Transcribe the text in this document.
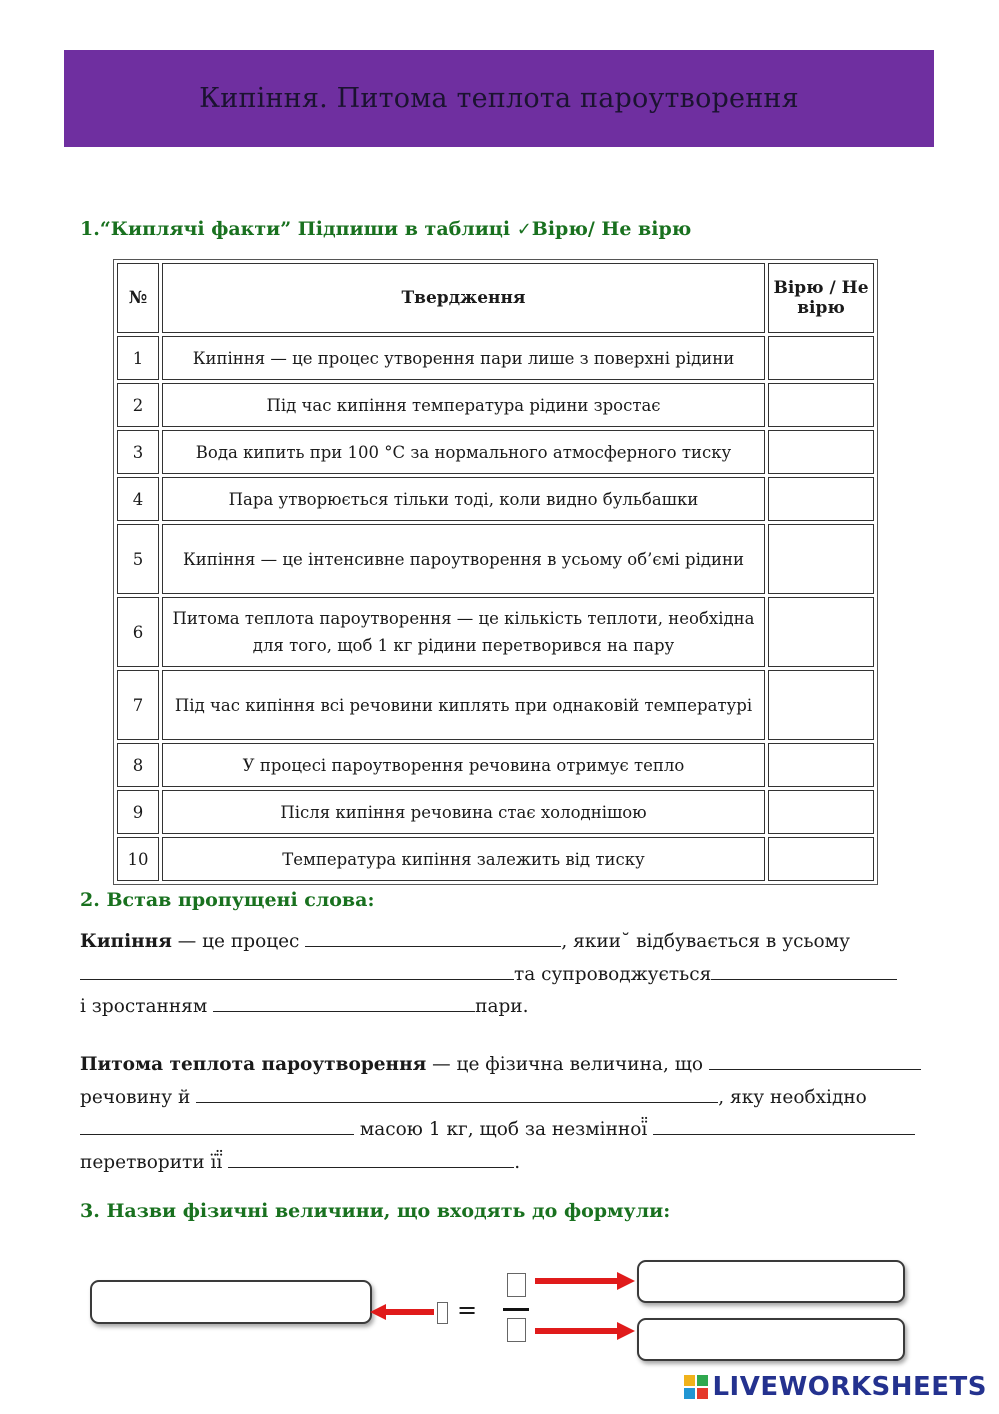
Кипіння. Питома теплота пароутворення
1.“Киплячі факти” Підпиши в таблиці ✓Вірю/ Не вірю
№	Твердження	Вірю / Не вірю
1	Кипіння — це процес утворення пари лише з поверхні рідини	
2	Під час кипіння температура рідини зростає	
3	Вода кипить при 100 °C за нормального атмосферного тиску	
4	Пара утворюється тільки тоді, коли видно бульбашки	
5	Кипіння — це інтенсивне пароутворення в усьому об’ємі рідини	
6	Питома теплота пароутворення — це кількість теплоти, необхідна для того, щоб 1 кг рідини перетворився на пару	
7	Під час кипіння всі речовини киплять при однаковій температурі	
8	У процесі пароутворення речовина отримує тепло	
9	Після кипіння речовина стає холоднішою	
10	Температура кипіння залежить від тиску	
2. Встав пропущені слова:
Кипіння — це процес	, якии˘ відбувається в усьому
та супроводжується
і зростанням	пари.
Питома теплота пароутворення — це фізична величина, що
речовину й	, яку необхідно
масою 1 кг, щоб за незмінної
перетворити її̈	.
3. Назви фізичні величини, що входять до формули:
=
LIVEWORKSHEETS
